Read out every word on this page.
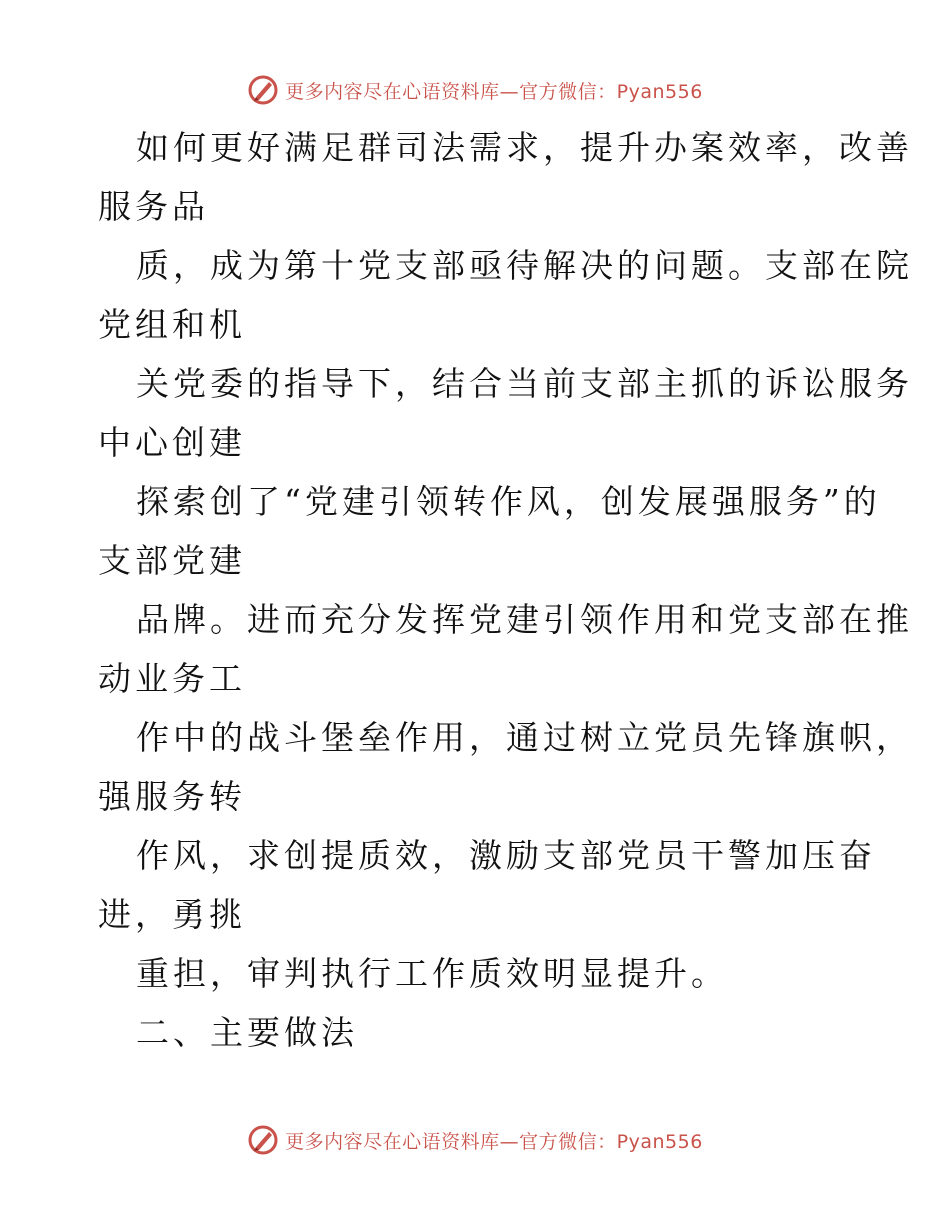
更多内容尽在心语资料库—官方微信：Pyan556
如何更好满足群司法需求，提升办案效率，改善
服务品
质，成为第十党支部亟待解决的问题。支部在院
党组和机
关党委的指导下，结合当前支部主抓的诉讼服务
中心创建
探索创了“党建引领转作风，创发展强服务”的
支部党建
品牌。进而充分发挥党建引领作用和党支部在推
动业务工
作中的战斗堡垒作用，通过树立党员先锋旗帜，
强服务转
作风，求创提质效，激励支部党员干警加压奋
进，勇挑
重担，审判执行工作质效明显提升。
二、主要做法
更多内容尽在心语资料库—官方微信：Pyan556
